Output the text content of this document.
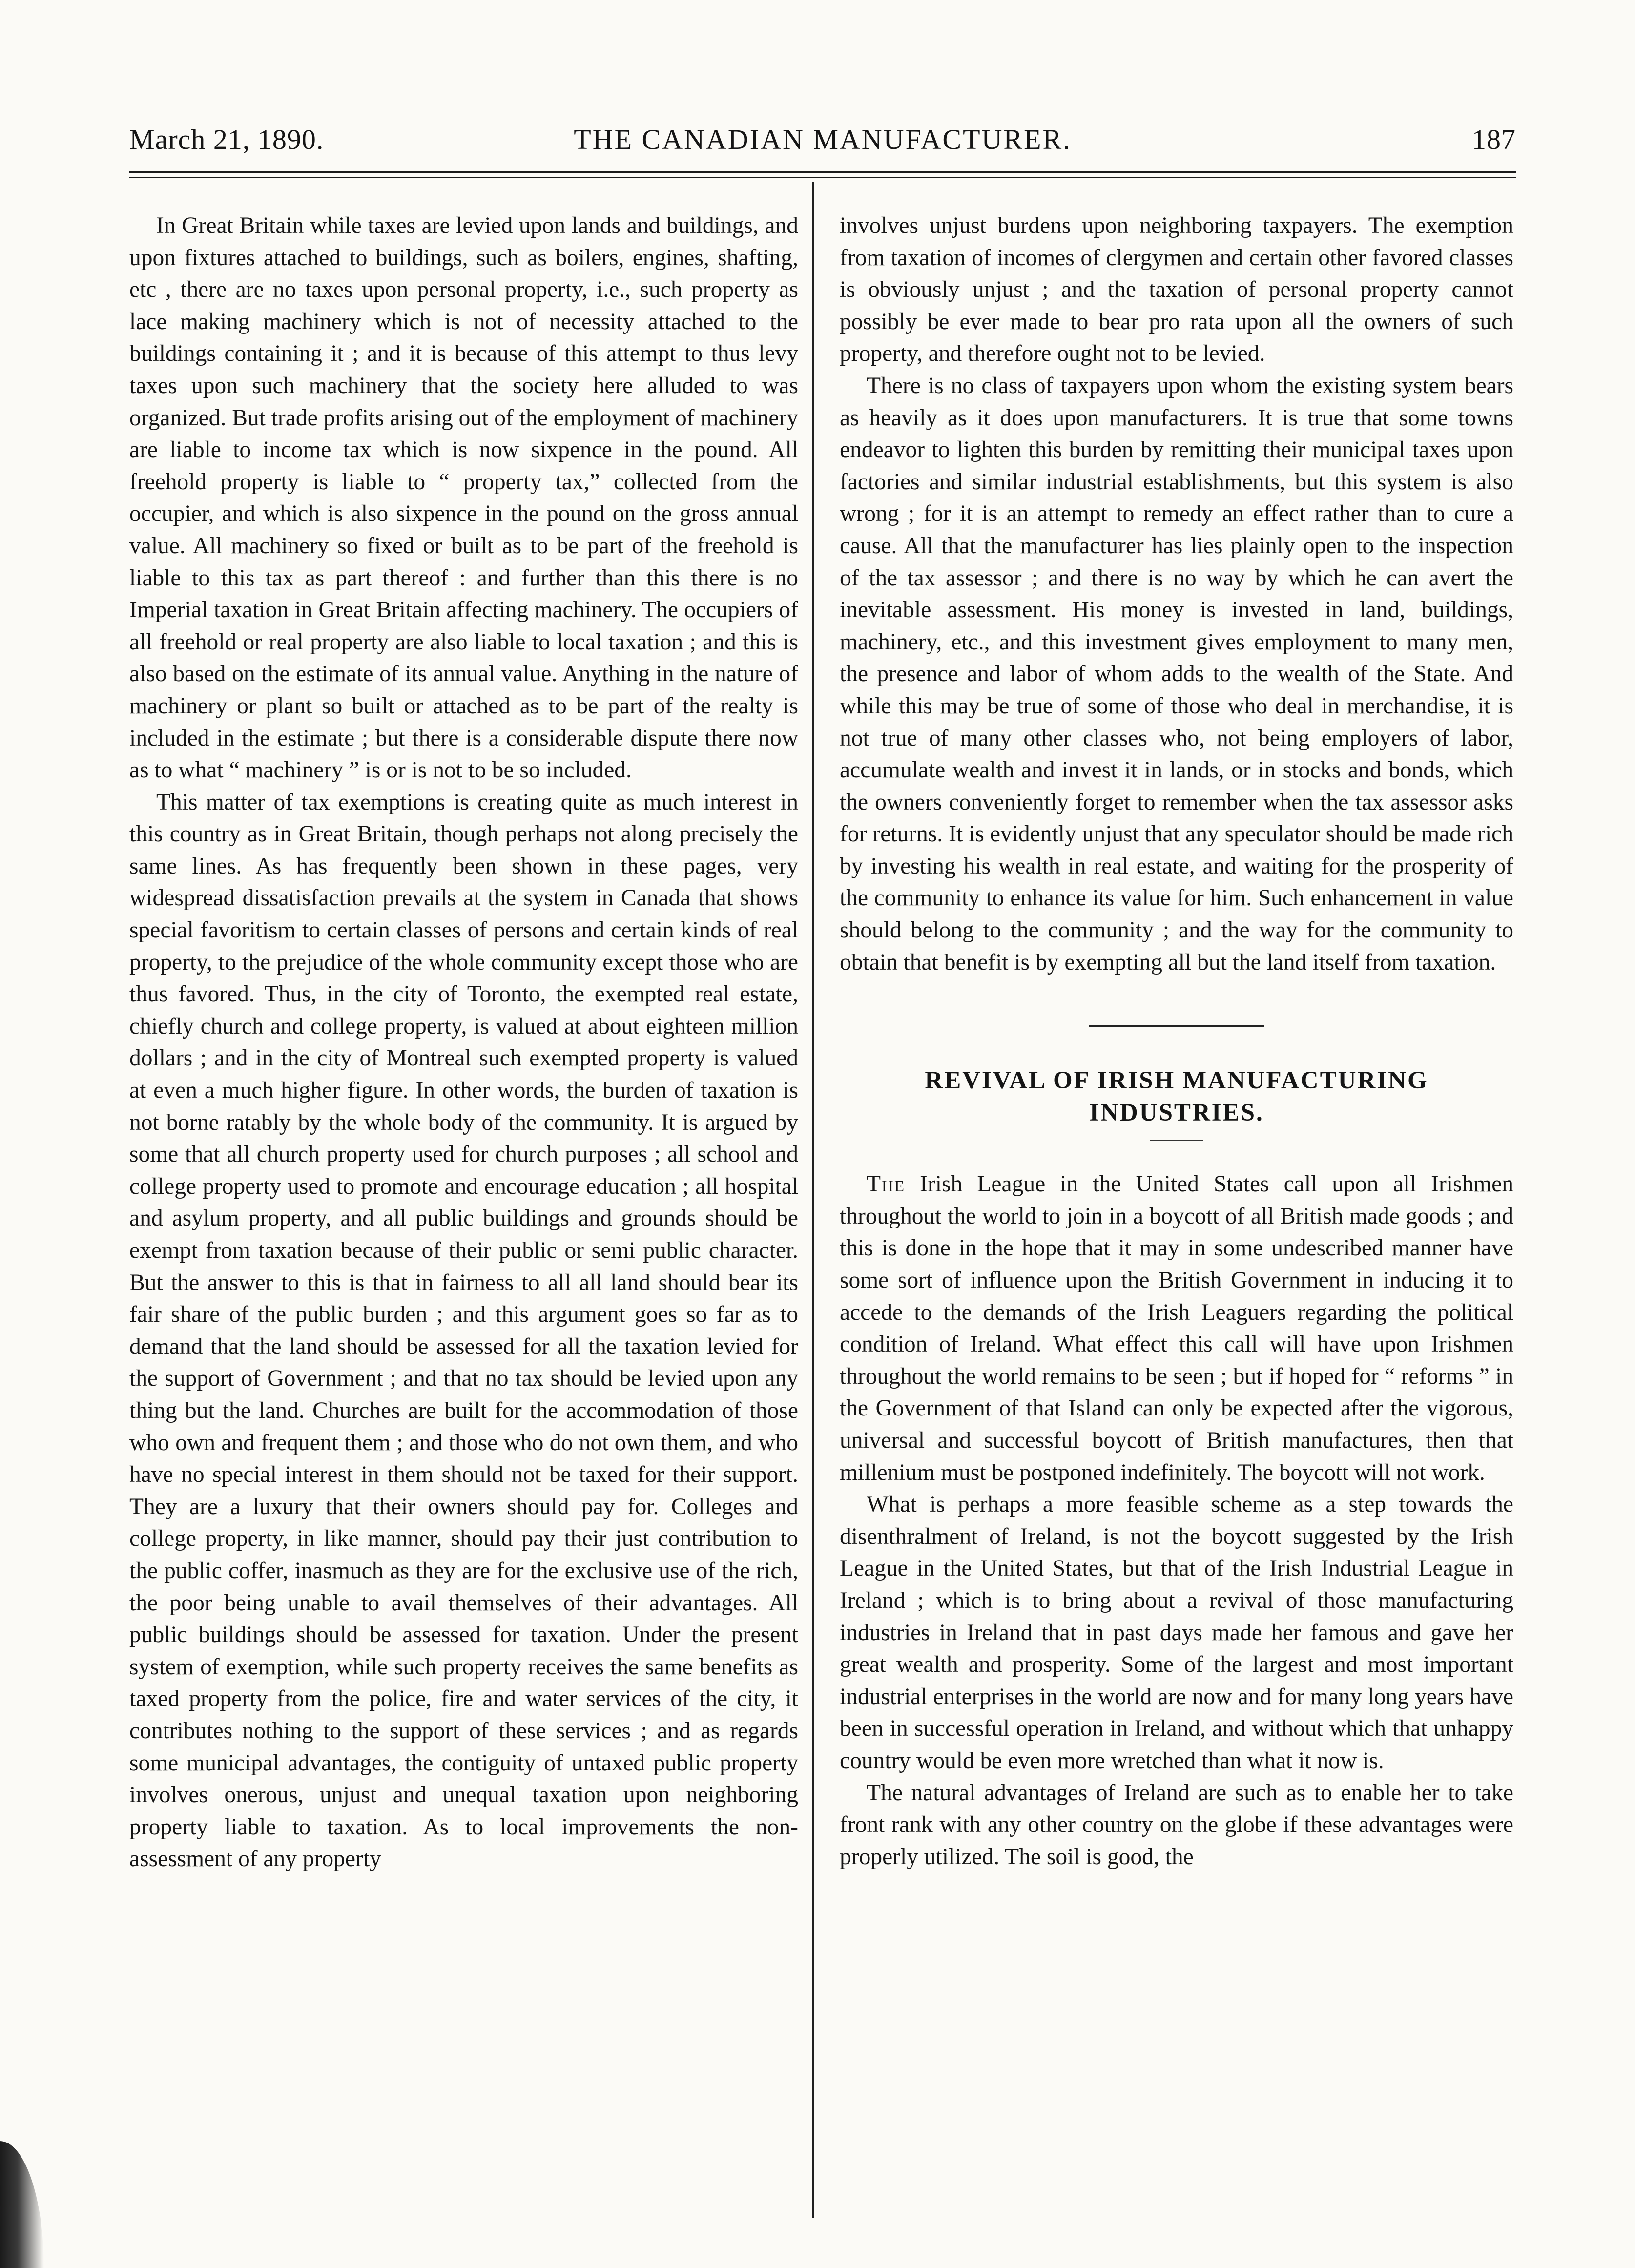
March 21, 1890.	THE CANADIAN MANUFACTURER.	187

In Great Britain while taxes are levied upon lands and buildings, and upon fixtures attached to buildings, such as boilers, engines, shafting, etc , there are no taxes upon personal property, i.e., such property as lace making machinery which is not of necessity attached to the buildings containing it ; and it is because of this attempt to thus levy taxes upon such machinery that the society here alluded to was organized. But trade profits arising out of the employment of machinery are liable to income tax which is now sixpence in the pound. All freehold property is liable to “ property tax,” collected from the occupier, and which is also sixpence in the pound on the gross annual value. All machinery so fixed or built as to be part of the freehold is liable to this tax as part thereof : and further than this there is no Imperial taxation in Great Britain affecting machinery. The occupiers of all freehold or real property are also liable to local taxation ; and this is also based on the estimate of its annual value. Anything in the nature of machinery or plant so built or attached as to be part of the realty is included in the estimate ; but there is a considerable dispute there now as to what “ machinery ” is or is not to be so included.

This matter of tax exemptions is creating quite as much interest in this country as in Great Britain, though perhaps not along precisely the same lines. As has frequently been shown in these pages, very widespread dissatisfaction prevails at the system in Canada that shows special favoritism to certain classes of persons and certain kinds of real property, to the prejudice of the whole community except those who are thus favored. Thus, in the city of Toronto, the exempted real estate, chiefly church and college property, is valued at about eighteen million dollars ; and in the city of Montreal such exempted property is valued at even a much higher figure. In other words, the burden of taxation is not borne ratably by the whole body of the community. It is argued by some that all church property used for church purposes ; all school and college property used to promote and encourage education ; all hospital and asylum property, and all public buildings and grounds should be exempt from taxation because of their public or semi public character. But the answer to this is that in fairness to all all land should bear its fair share of the public burden ; and this argument goes so far as to demand that the land should be assessed for all the taxation levied for the support of Government ; and that no tax should be levied upon any thing but the land. Churches are built for the accommodation of those who own and frequent them ; and those who do not own them, and who have no special interest in them should not be taxed for their support. They are a luxury that their owners should pay for. Colleges and college property, in like manner, should pay their just contribution to the public coffer, inasmuch as they are for the exclusive use of the rich, the poor being unable to avail themselves of their advantages. All public buildings should be assessed for taxation. Under the present system of exemption, while such property receives the same benefits as taxed property from the police, fire and water services of the city, it contributes nothing to the support of these services ; and as regards some municipal advantages, the contiguity of untaxed public property involves onerous, unjust and unequal taxation upon neighboring property liable to taxation. As to local improvements the non-assessment of any property

involves unjust burdens upon neighboring taxpayers. The exemption from taxation of incomes of clergymen and certain other favored classes is obviously unjust ; and the taxation of personal property cannot possibly be ever made to bear pro rata upon all the owners of such property, and therefore ought not to be levied.

There is no class of taxpayers upon whom the existing system bears as heavily as it does upon manufacturers. It is true that some towns endeavor to lighten this burden by remitting their municipal taxes upon factories and similar industrial establishments, but this system is also wrong ; for it is an attempt to remedy an effect rather than to cure a cause. All that the manufacturer has lies plainly open to the inspection of the tax assessor ; and there is no way by which he can avert the inevitable assessment. His money is invested in land, buildings, machinery, etc., and this investment gives employment to many men, the presence and labor of whom adds to the wealth of the State. And while this may be true of some of those who deal in merchandise, it is not true of many other classes who, not being employers of labor, accumulate wealth and invest it in lands, or in stocks and bonds, which the owners conveniently forget to remember when the tax assessor asks for returns. It is evidently unjust that any speculator should be made rich by investing his wealth in real estate, and waiting for the prosperity of the community to enhance its value for him. Such enhancement in value should belong to the community ; and the way for the community to obtain that benefit is by exempting all but the land itself from taxation.

REVIVAL OF IRISH MANUFACTURING
INDUSTRIES.

The Irish League in the United States call upon all Irishmen throughout the world to join in a boycott of all British made goods ; and this is done in the hope that it may in some undescribed manner have some sort of influence upon the British Government in inducing it to accede to the demands of the Irish Leaguers regarding the political condition of Ireland. What effect this call will have upon Irishmen throughout the world remains to be seen ; but if hoped for “ reforms ” in the Government of that Island can only be expected after the vigorous, universal and successful boycott of British manufactures, then that millenium must be postponed indefinitely. The boycott will not work.

What is perhaps a more feasible scheme as a step towards the disenthralment of Ireland, is not the boycott suggested by the Irish League in the United States, but that of the Irish Industrial League in Ireland ; which is to bring about a revival of those manufacturing industries in Ireland that in past days made her famous and gave her great wealth and prosperity. Some of the largest and most important industrial enterprises in the world are now and for many long years have been in successful operation in Ireland, and without which that unhappy country would be even more wretched than what it now is.

The natural advantages of Ireland are such as to enable her to take front rank with any other country on the globe if these advantages were properly utilized. The soil is good, the
